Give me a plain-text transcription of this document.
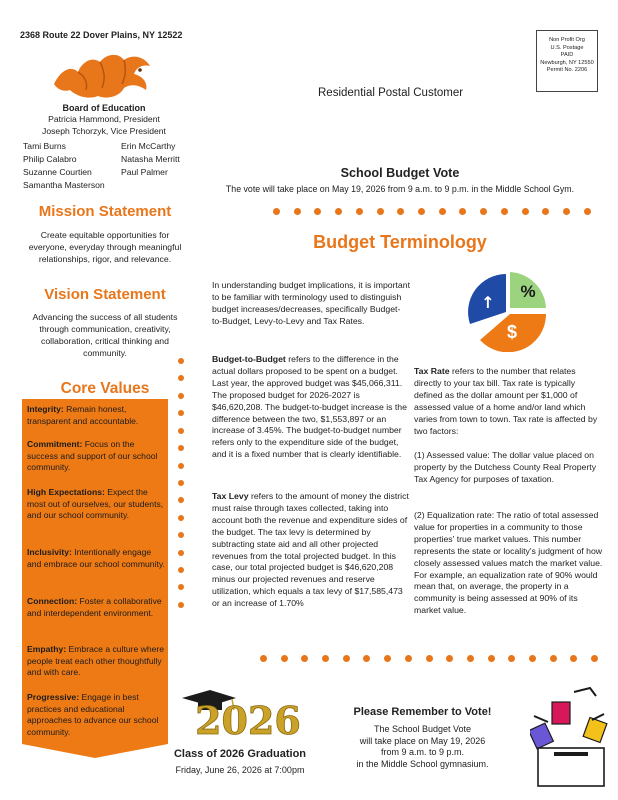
2368 Route 22 Dover Plains, NY 12522	Non Profit Org
U.S. Postage
PAID
Newburgh, NY 12550
Permit No. 2206
Board of Education
Patricia Hammond, President
Joseph Tchorzyk, Vice President
Tami Burns	Erin McCarthy
Philip Calabro	Natasha Merritt
Suzanne Courtien	Paul Palmer
Samantha Masterson
Residential Postal Customer
School Budget Vote
The vote will take place on May 19, 2026 from 9 a.m. to 9 p.m. in the Middle School Gym.
Mission Statement
Create equitable opportunities for everyone, everyday through meaningful relationships, rigor, and relevance.
Vision Statement
Advancing the success of all students through communication, creativity, collaboration, critical thinking and community.
Core Values
Integrity: Remain honest, transparent and accountable.
Commitment: Focus on the success and support of our school community.
High Expectations: Expect the most out of ourselves, our students, and our school community.
Inclusivity: Intentionally engage and embrace our school community.
Connection: Foster a collaborative and interdependent environment.
Empathy: Embrace a culture where people treat each other thoughtfully and with care.
Progressive: Engage in best practices and educational approaches to advance our school community.
Budget Terminology
%
$
↑
In understanding budget implications, it is important to be familiar with terminology used to distinguish budget increases/decreases, specifically Budget-to-Budget, Levy-to-Levy and Tax Rates.
Budget-to-Budget refers to the difference in the actual dollars proposed to be spent on a budget. Last year, the approved budget was $45,066,311. The proposed budget for 2026-2027 is $46,620,208. The budget-to-budget increase is the difference between the two, $1,553,897 or an increase of 3.45%. The budget-to-budget number refers only to the expenditure side of the budget, and it is a fixed number that is clearly identifiable.
Tax Levy refers to the amount of money the district must raise through taxes collected, taking into account both the revenue and expenditure sides of the budget. The tax levy is determined by subtracting state aid and all other projected revenues from the total projected budget. In this case, our total projected budget is $46,620,208 minus our projected revenues and reserve utilization, which equals a tax levy of $17,585,473 or an increase of 1.70%
Tax Rate refers to the number that relates directly to your tax bill. Tax rate is typically defined as the dollar amount per $1,000 of assessed value of a home and/or land which varies from town to town. Tax rate is affected by two factors:
(1) Assessed value: The dollar value placed on property by the Dutchess County Real Property Tax Agency for purposes of taxation.
(2) Equalization rate: The ratio of total assessed value for properties in a community to those properties' true market values. This number represents the state or locality's judgment of how closely assessed values match the market value. For example, an equalization rate of 90% would mean that, on average, the property in a community is being assessed at 90% of its market value.
2026
Class of 2026 Graduation
Friday, June 26, 2026 at 7:00pm
Please Remember to Vote!
The School Budget Vote
will take place on May 19, 2026
from 9 a.m. to 9 p.m.
in the Middle School gymnasium.
